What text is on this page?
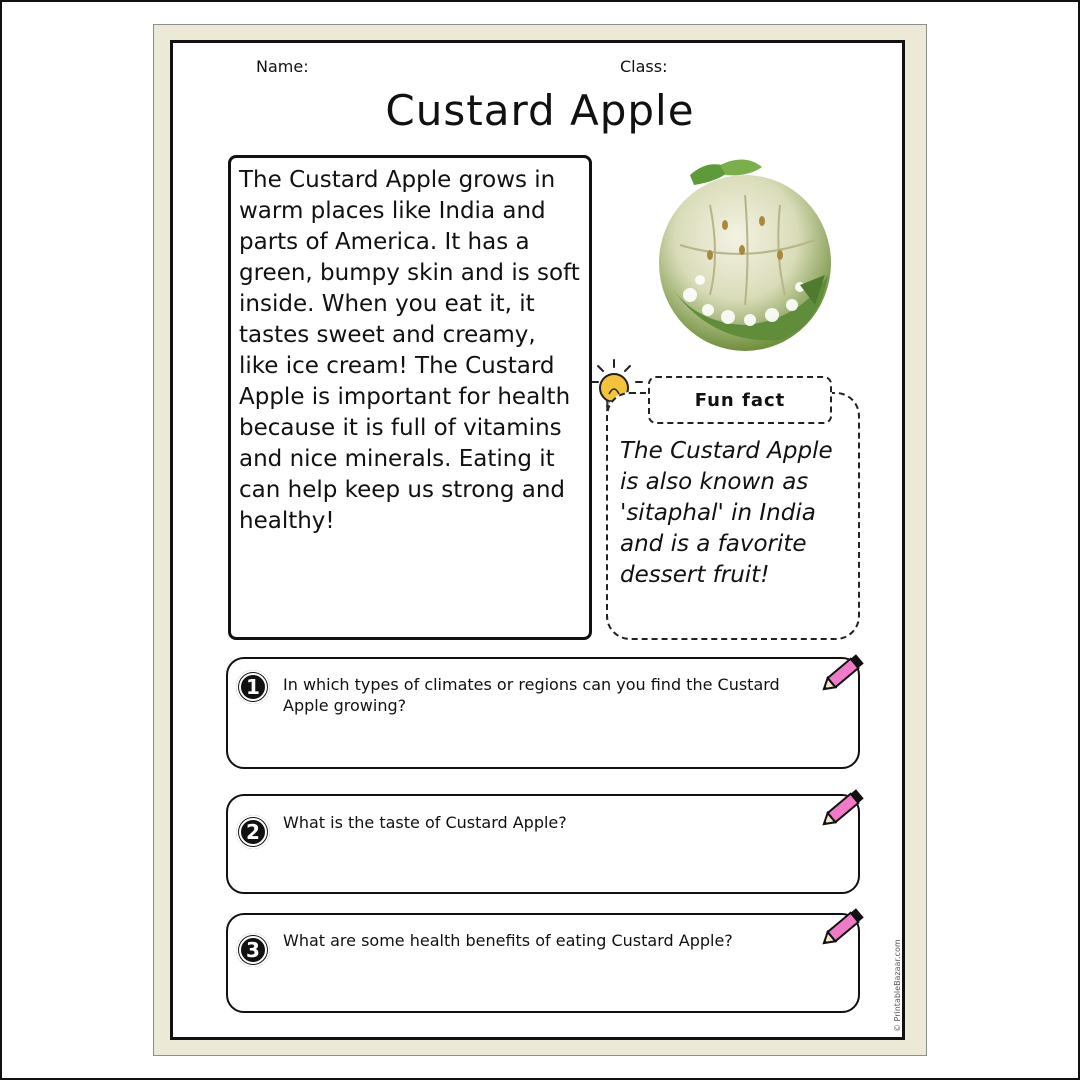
Name:	Class:
Custard Apple
The Custard Apple grows in warm places like India and parts of America. It has a green, bumpy skin and is soft inside. When you eat it, it tastes sweet and creamy, like ice cream! The Custard Apple is important for health because it is full of vitamins and nice minerals. Eating it can help keep us strong and healthy!
Fun fact
The Custard Apple is also known as 'sitaphal' in India and is a favorite dessert fruit!
1	In which types of climates or regions can you find the Custard Apple growing?
2	What is the taste of Custard Apple?
3	What are some health benefits of eating Custard Apple?	© PrintableBazaar.com
